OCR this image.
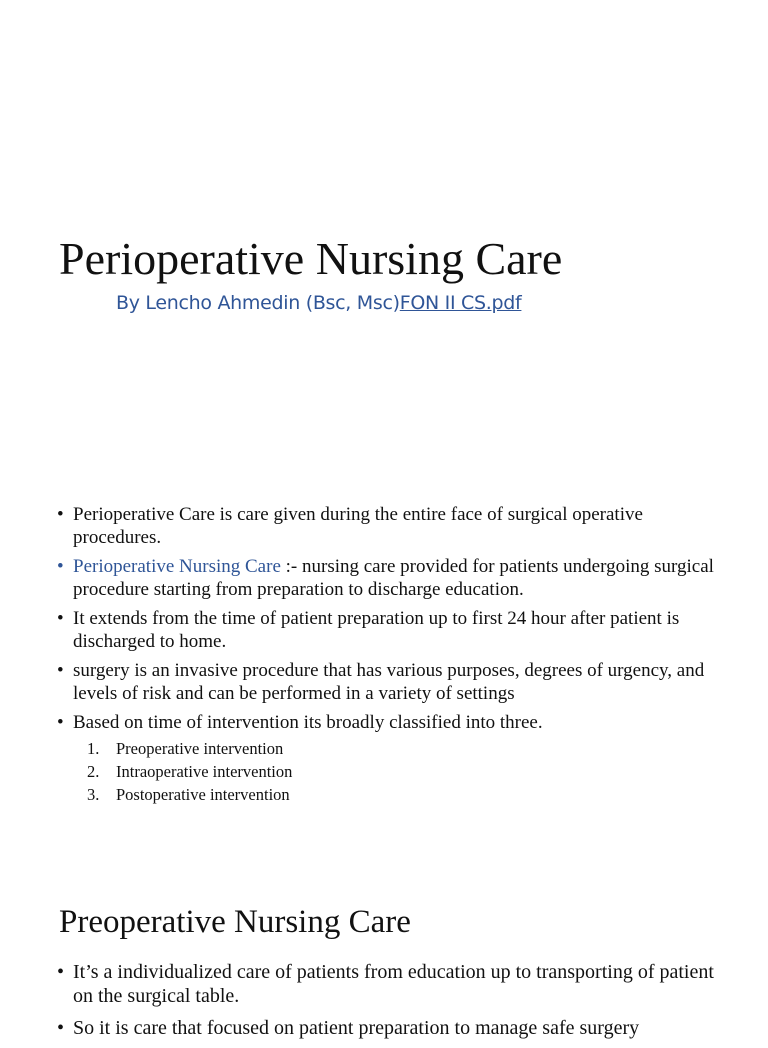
Perioperative Nursing Care
By Lencho Ahmedin (Bsc, Msc)FON II CS.pdf
• Perioperative Care is care given during the entire face of surgical operative procedures.
• Perioperative Nursing Care :- nursing care provided for patients undergoing surgical procedure starting from preparation to discharge education.
• It extends from the time of patient preparation up to first 24 hour after patient is discharged to home.
• surgery is an invasive procedure that has various purposes, degrees of urgency, and levels of risk and can be performed in a variety of settings
• Based on time of intervention its broadly classified into three.
1. Preoperative intervention
2. Intraoperative intervention
3. Postoperative intervention
Preoperative Nursing Care
• It’s a individualized care of patients from education up to transporting of patient on the surgical table.
• So it is care that focused on patient preparation to manage safe surgery
